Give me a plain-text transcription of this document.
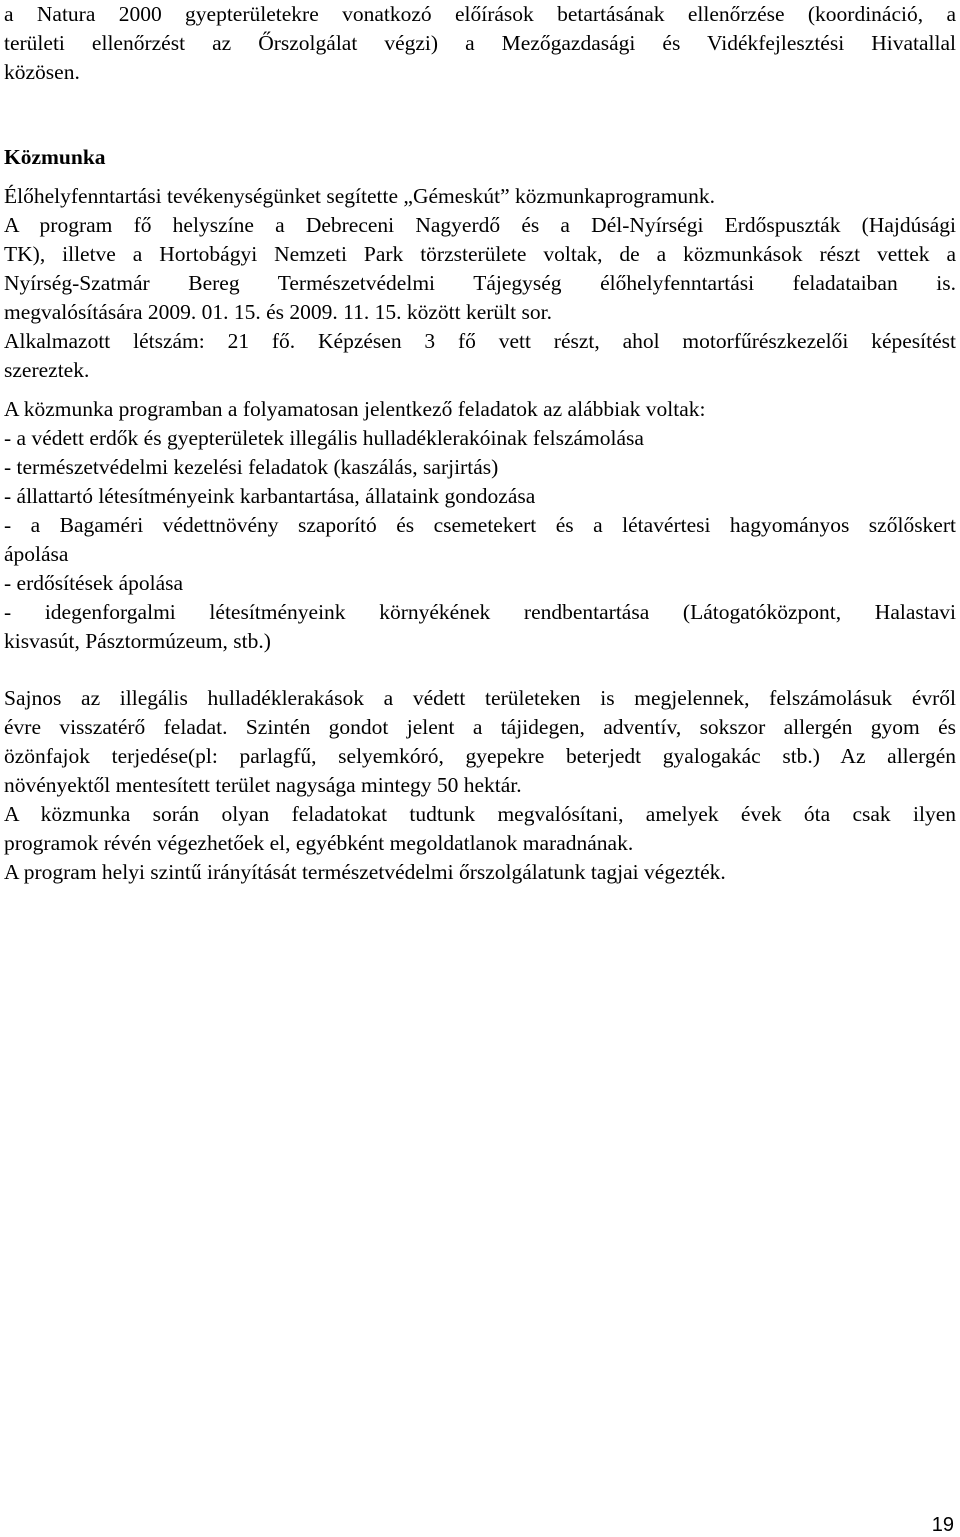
a Natura 2000 gyepterületekre vonatkozó előírások betartásának ellenőrzése (koordináció, a
területi ellenőrzést az Őrszolgálat végzi) a Mezőgazdasági és Vidékfejlesztési Hivatallal
közösen.
Közmunka
Élőhelyfenntartási tevékenységünket segítette „Gémeskút” közmunkaprogramunk.
A program fő helyszíne a Debreceni Nagyerdő és a Dél-Nyírségi Erdőspuszták (Hajdúsági
TK), illetve a Hortobágyi Nemzeti Park törzsterülete voltak, de a közmunkások részt vettek a
Nyírség-Szatmár Bereg Természetvédelmi Tájegység élőhelyfenntartási feladataiban is.
megvalósítására 2009. 01. 15. és 2009. 11. 15. között került sor.
Alkalmazott létszám: 21 fő. Képzésen 3 fő vett részt, ahol motorfűrészkezelői képesítést
szereztek.
A közmunka programban a folyamatosan jelentkező feladatok az alábbiak voltak:
- a védett erdők és gyepterületek illegális hulladéklerakóinak felszámolása
- természetvédelmi kezelési feladatok (kaszálás, sarjirtás)
- állattartó létesítményeink karbantartása, állataink gondozása
- a Bagaméri védettnövény szaporító és csemetekert és a létavértesi hagyományos szőlőskert
ápolása
- erdősítések ápolása
- idegenforgalmi létesítményeink környékének rendbentartása (Látogatóközpont, Halastavi
kisvasút, Pásztormúzeum, stb.)
Sajnos az illegális hulladéklerakások a védett területeken is megjelennek, felszámolásuk évről
évre visszatérő feladat. Szintén gondot jelent a tájidegen, adventív, sokszor allergén gyom és
özönfajok terjedése(pl: parlagfű, selyemkóró, gyepekre beterjedt gyalogakác stb.) Az allergén
növényektől mentesített terület nagysága mintegy 50 hektár.
A közmunka során olyan feladatokat tudtunk megvalósítani, amelyek évek óta csak ilyen
programok révén végezhetőek el, egyébként megoldatlanok maradnának.
A program helyi szintű irányítását természetvédelmi őrszolgálatunk tagjai végezték.
19
